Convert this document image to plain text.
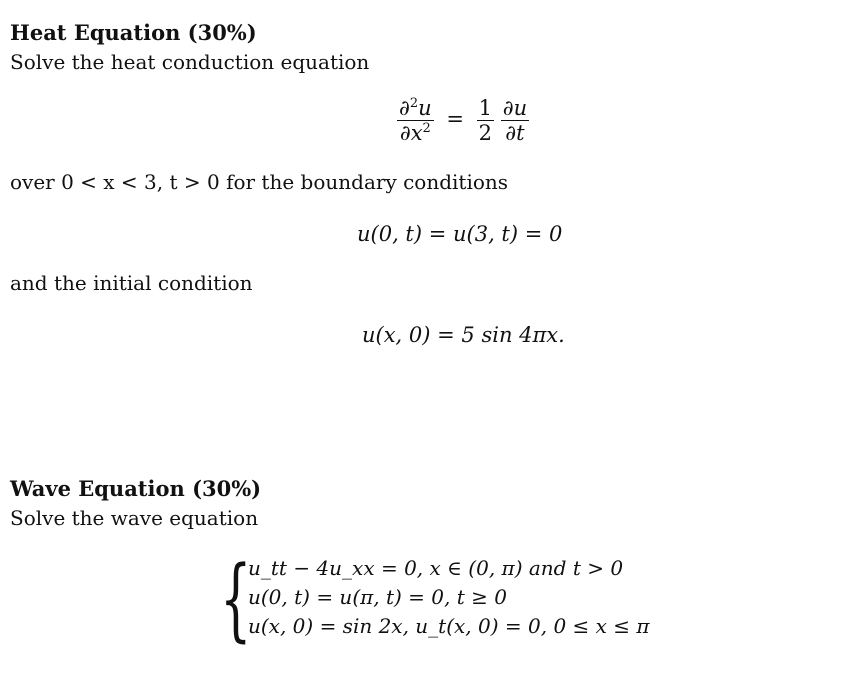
Heat Equation (30%)
Solve the heat conduction equation
$\frac{\partial^2u}{\partial x^2} = \frac{1}{2}$
$\frac{\partial u}{\partial t}$
over 0 < x < 3, t > 0 for the boundary conditions
u(0, t) = u(3, t) = 0
and the initial condition
u(x, 0) = 5 sin 4πx.
Wave Equation (30%)
Solve the wave equation
{
u_tt − 4u_xx = 0, x ∈ (0, π) and t > 0
u(0, t) = u(π, t) = 0, t ≥ 0
u(x, 0) = sin 2x, u_t(x, 0) = 0, 0 ≤ x ≤ π
